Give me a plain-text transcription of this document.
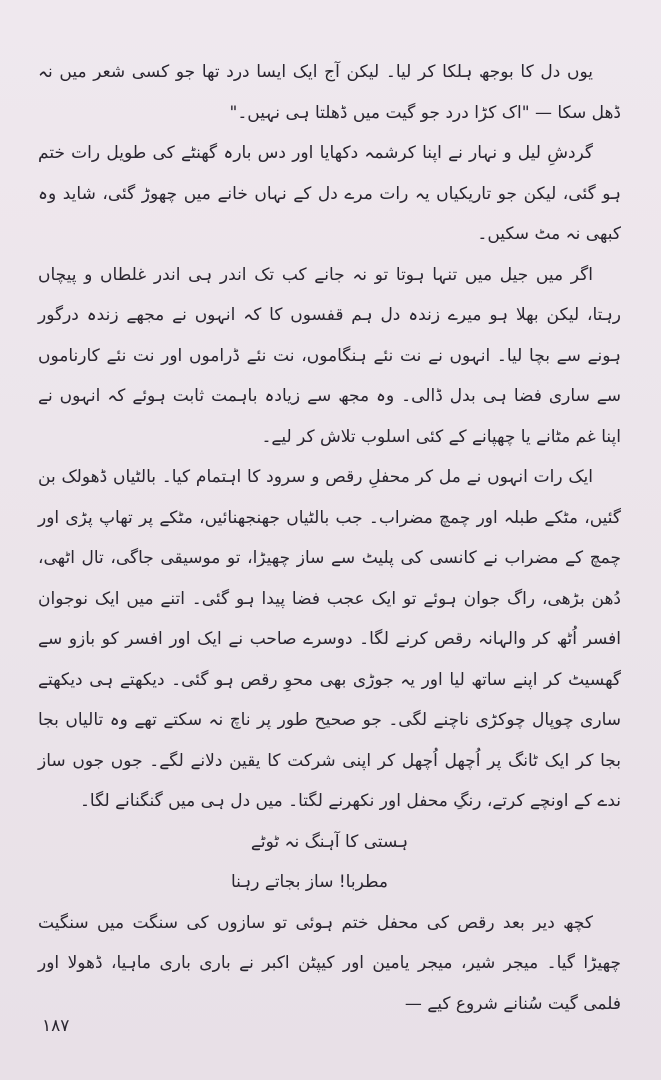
یوں دل کا بوجھ ہلکا کر لیا۔ لیکن آج ایک ایسا درد تھا جو کسی شعر میں نہ ڈھل سکا — "اک کڑا درد جو گیت میں ڈھلتا ہی نہیں۔"

گردشِ لیل و نہار نے اپنا کرشمہ دکھایا اور دس بارہ گھنٹے کی طویل رات ختم ہو گئی، لیکن جو تاریکیاں یہ رات مرے دل کے نہاں خانے میں چھوڑ گئی، شاید وہ کبھی نہ مٹ سکیں۔

اگر میں جیل میں تنہا ہوتا تو نہ جانے کب تک اندر ہی اندر غلطاں و پیچاں رہتا، لیکن بھلا ہو میرے زندہ دل ہم قفسوں کا کہ انہوں نے مجھے زندہ درگور ہونے سے بچا لیا۔ انہوں نے نت نئے ہنگاموں، نت نئے ڈراموں اور نت نئے کارناموں سے ساری فضا ہی بدل ڈالی۔ وہ مجھ سے زیادہ باہمت ثابت ہوئے کہ انہوں نے اپنا غم مٹانے یا چھپانے کے کئی اسلوب تلاش کر لیے۔

ایک رات انہوں نے مل کر محفلِ رقص و سرود کا اہتمام کیا۔ بالٹیاں ڈھولک بن گئیں، مٹکے طبلہ اور چمچ مضراب۔ جب بالٹیاں جھنجھنائیں، مٹکے پر تھاپ پڑی اور چمچ کے مضراب نے کانسی کی پلیٹ سے ساز چھیڑا، تو موسیقی جاگی، تال اٹھی، دُھن بڑھی، راگ جوان ہوئے تو ایک عجب فضا پیدا ہو گئی۔ اتنے میں ایک نوجوان افسر اُٹھ کر والہانہ رقص کرنے لگا۔ دوسرے صاحب نے ایک اور افسر کو بازو سے گھسیٹ کر اپنے ساتھ لیا اور یہ جوڑی بھی محوِ رقص ہو گئی۔ دیکھتے ہی دیکھتے ساری چوپال چوکڑی ناچنے لگی۔ جو صحیح طور پر ناچ نہ سکتے تھے وہ تالیاں بجا بجا کر ایک ٹانگ پر اُچھل اُچھل کر اپنی شرکت کا یقین دلانے لگے۔ جوں جوں ساز ندے کے اونچے کرتے، رنگِ محفل اور نکھرنے لگتا۔ میں دل ہی میں گنگنانے لگا۔

ہستی کا آہنگ نہ ٹوٹے

مطربا! ساز بجاتے رہنا

کچھ دیر بعد رقص کی محفل ختم ہوئی تو سازوں کی سنگت میں سنگیت چھیڑا گیا۔ میجر شیر، میجر یامین اور کیپٹن اکبر نے باری باری ماہیا، ڈھولا اور فلمی گیت سُنانے شروع کیے —

۱۸۷
